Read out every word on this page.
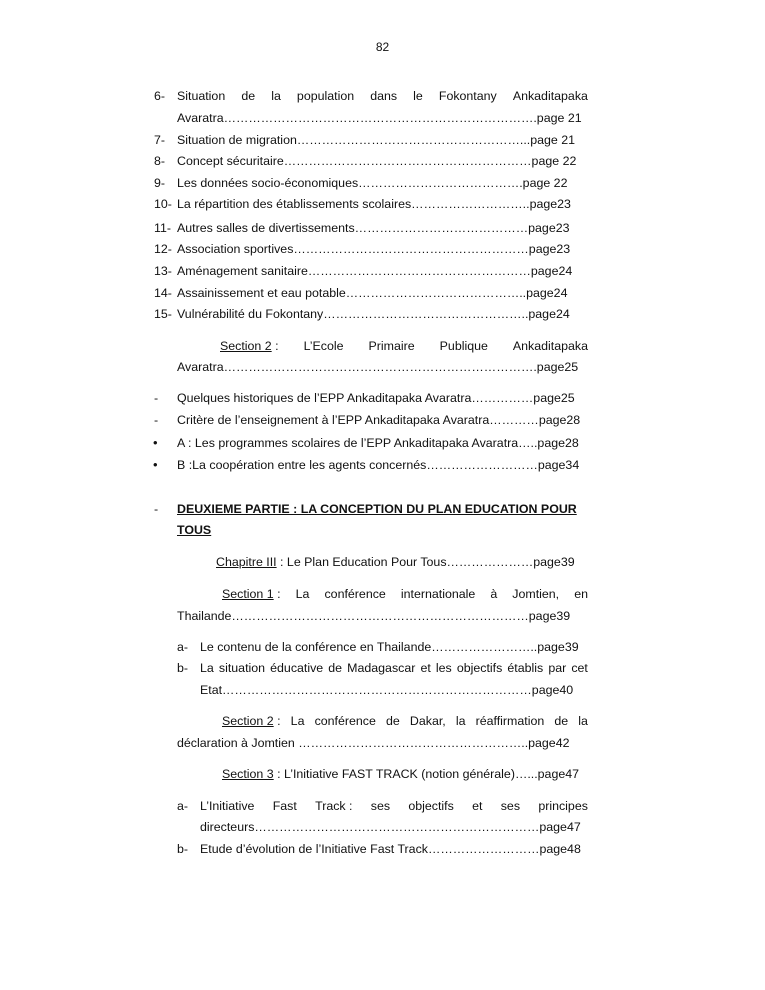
82
6- Situation de la population dans le Fokontany Ankaditapaka
Avaratra………………………………………………………………….page 21
7- Situation de migration………………………………………………...page 21
8- Concept sécuritaire……………………………………………………page 22
9- Les données socio-économiques………………………………….page 22
10- La répartition des établissements scolaires………………………..page23
11- Autres salles de divertissements……………………………………page23
12- Association sportives…………………………………………………page23
13- Aménagement sanitaire………………………………………………page24
14- Assainissement et eau potable……………………………………..page24
15- Vulnérabilité du Fokontany…………………………………………..page24
Section 2 : L’Ecole Primaire Publique Ankaditapaka
Avaratra………………………………………………………………….page25
- Quelques historiques de l’EPP Ankaditapaka Avaratra……………page25
- Critère de l’enseignement à l’EPP Ankaditapaka Avaratra…………page28
• A : Les programmes scolaires de l’EPP Ankaditapaka Avaratra…..page28
• B :La coopération entre les agents concernés………………………page34
- DEUXIEME PARTIE : LA CONCEPTION DU PLAN EDUCATION POUR
TOUS
Chapitre III : Le Plan Education Pour Tous…………………page39
Section 1 : La conférence internationale à Jomtien, en
Thailande………………………………………………………………page39
a- Le contenu de la conférence en Thailande……………………..page39
b- La situation éducative de Madagascar et les objectifs établis par cet
Etat…………………………………………………………………page40
Section 2 : La conférence de Dakar, la réaffirmation de la
déclaration à Jomtien ………………………………………………..page42
Section 3 : L’Initiative FAST TRACK (notion générale)…...page47
a- L’Initiative Fast Track : ses objectifs et ses principes
directeurs……………………………………………………………page47
b- Etude d’évolution de l’Initiative Fast Track………………………page48
